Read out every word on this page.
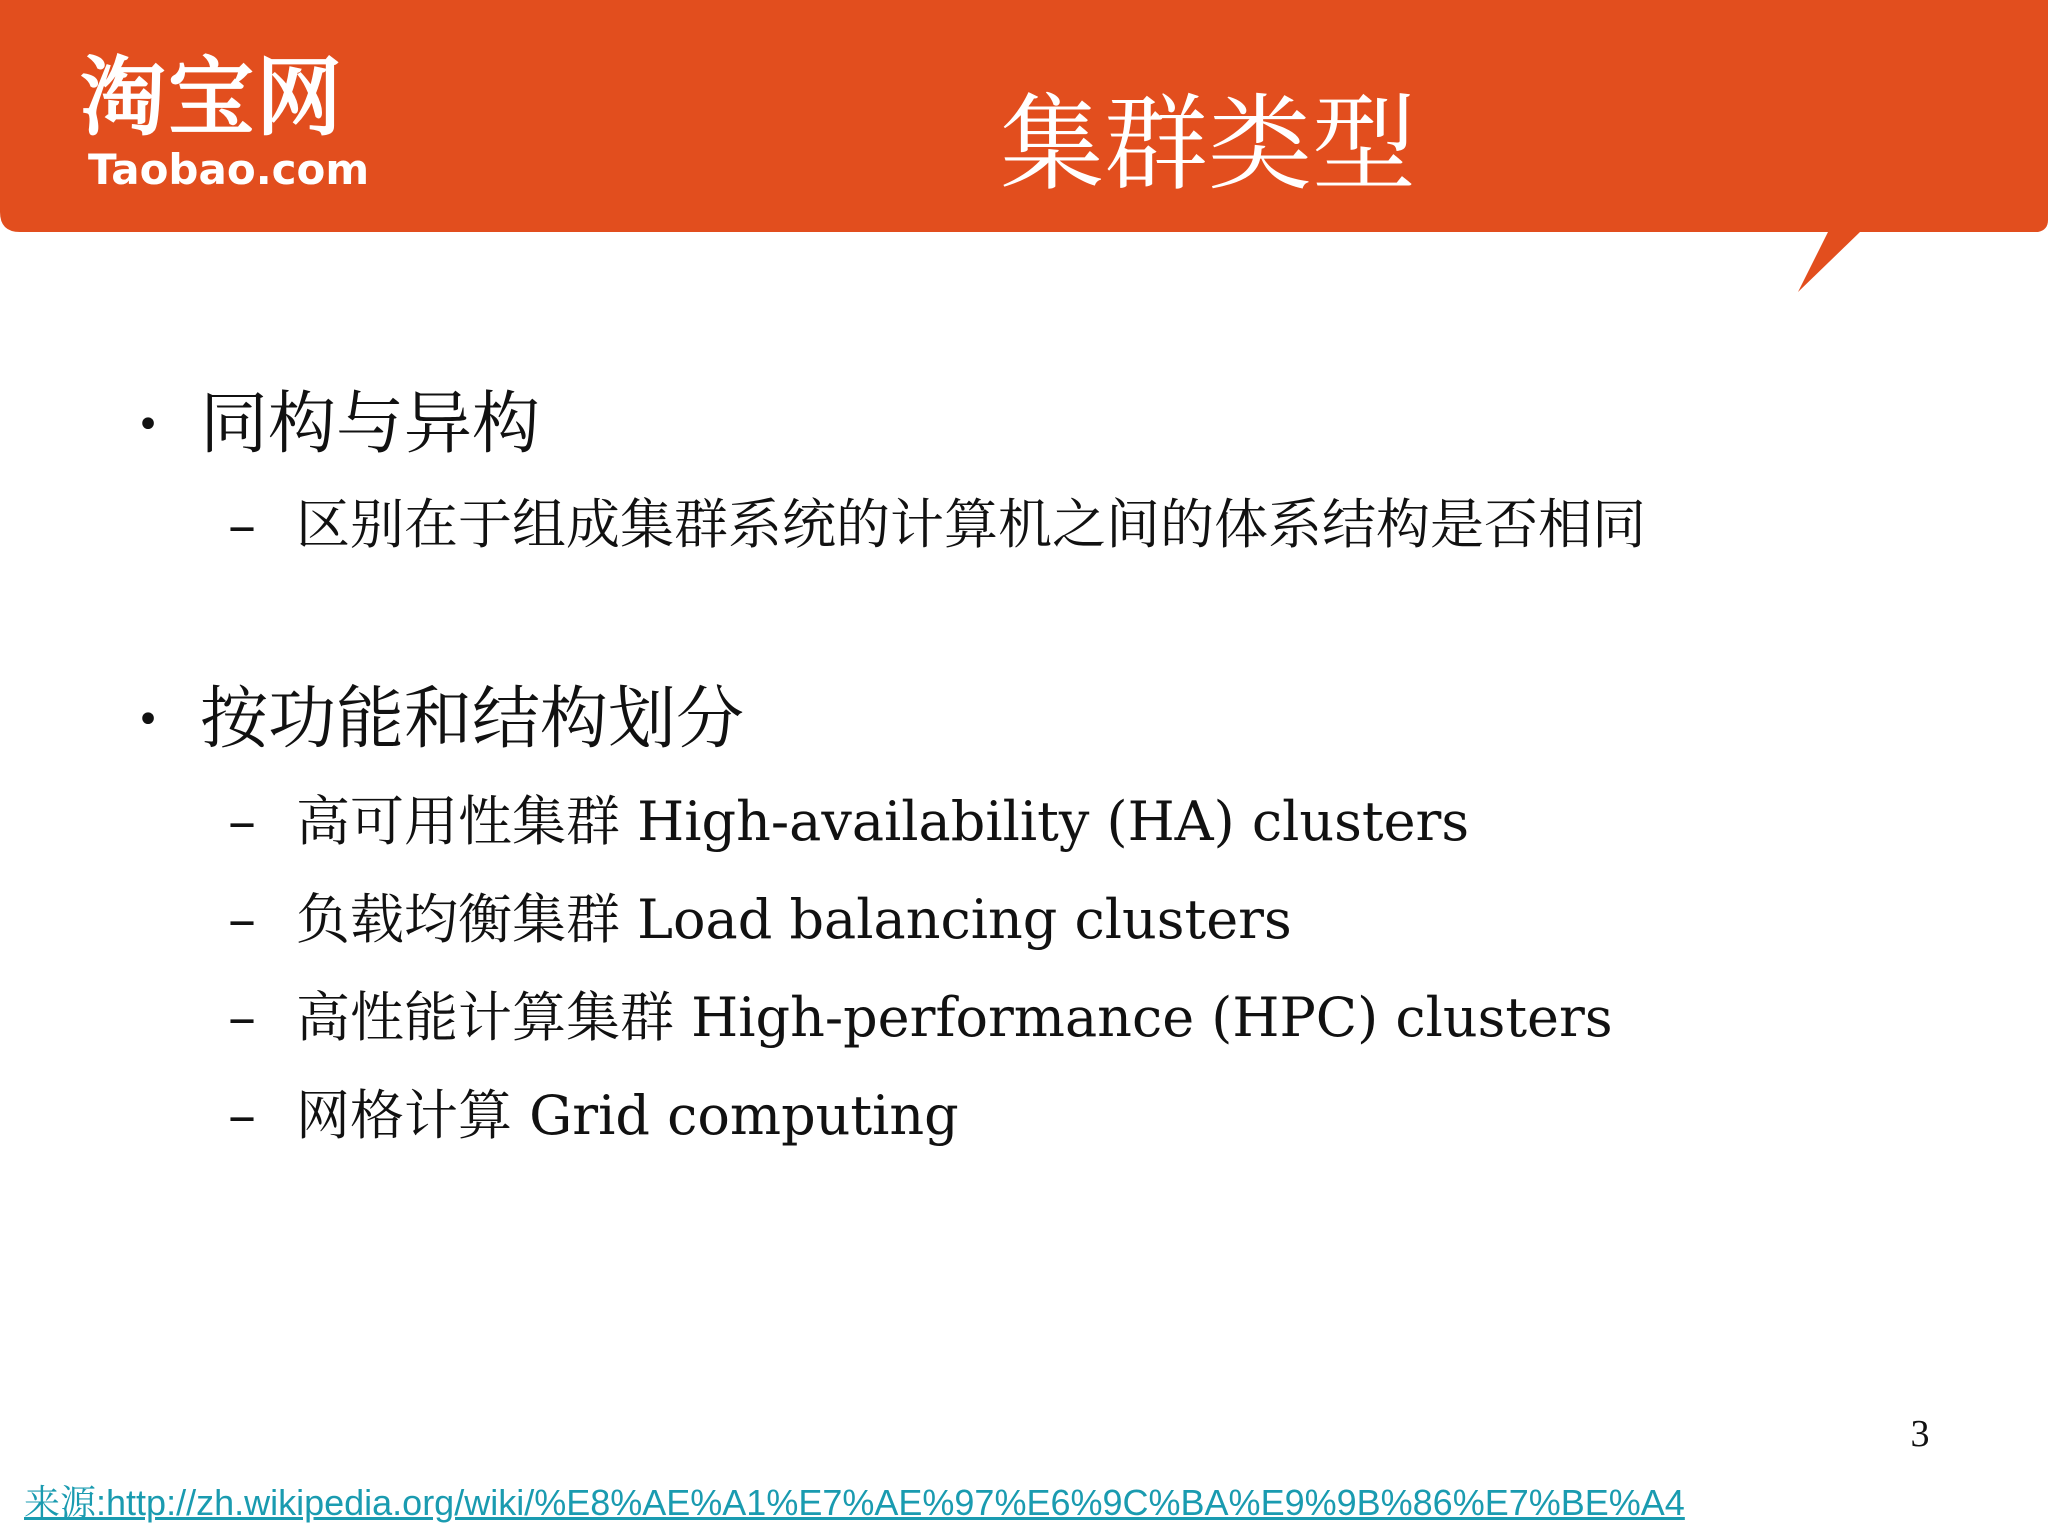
淘宝网
Taobao.com	集群类型
• 同构与异构
– 区别在于组成集群系统的计算机之间的体系结构是否相同
• 按功能和结构划分
– 高可用性集群 High-availability (HA) clusters
– 负载均衡集群 Load balancing clusters
– 高性能计算集群 High-performance (HPC) clusters
– 网格计算 Grid computing
3
来源:http://zh.wikipedia.org/wiki/%E8%AE%A1%E7%AE%97%E6%9C%BA%E9%9B%86%E7%BE%A4
